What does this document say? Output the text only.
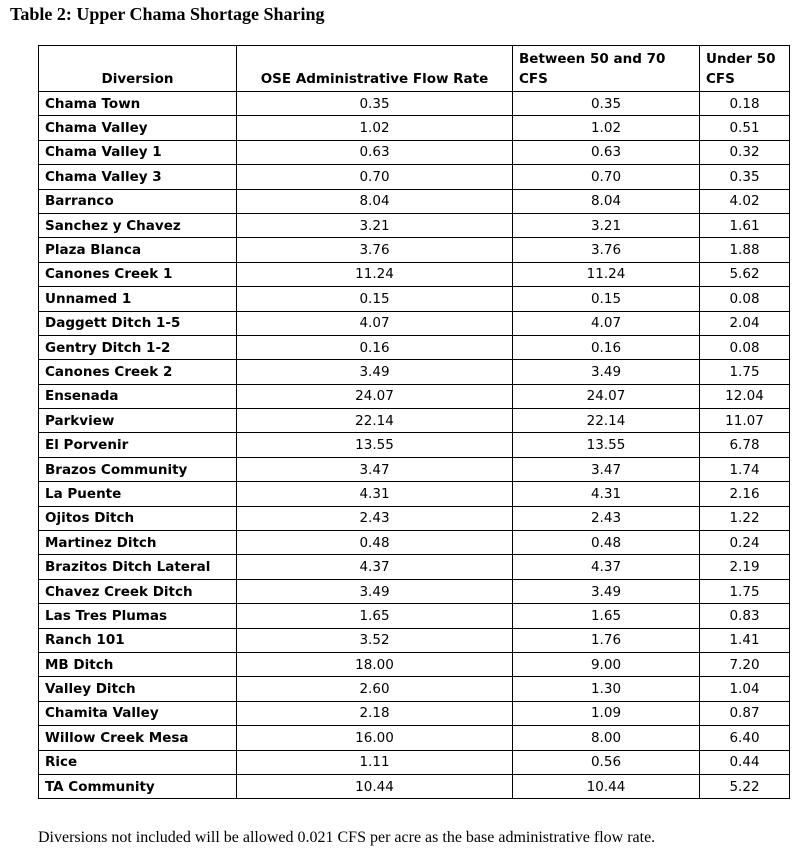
Table 2: Upper Chama Shortage Sharing
Diversion	OSE Administrative Flow Rate	Between 50 and 70 CFS	Under 50 CFS
Chama Town	0.35	0.35	0.18
Chama Valley	1.02	1.02	0.51
Chama Valley 1	0.63	0.63	0.32
Chama Valley 3	0.70	0.70	0.35
Barranco	8.04	8.04	4.02
Sanchez y Chavez	3.21	3.21	1.61
Plaza Blanca	3.76	3.76	1.88
Canones Creek 1	11.24	11.24	5.62
Unnamed 1	0.15	0.15	0.08
Daggett Ditch 1-5	4.07	4.07	2.04
Gentry Ditch 1-2	0.16	0.16	0.08
Canones Creek 2	3.49	3.49	1.75
Ensenada	24.07	24.07	12.04
Parkview	22.14	22.14	11.07
El Porvenir	13.55	13.55	6.78
Brazos Community	3.47	3.47	1.74
La Puente	4.31	4.31	2.16
Ojitos Ditch	2.43	2.43	1.22
Martinez Ditch	0.48	0.48	0.24
Brazitos Ditch Lateral	4.37	4.37	2.19
Chavez Creek Ditch	3.49	3.49	1.75
Las Tres Plumas	1.65	1.65	0.83
Ranch 101	3.52	1.76	1.41
MB Ditch	18.00	9.00	7.20
Valley Ditch	2.60	1.30	1.04
Chamita Valley	2.18	1.09	0.87
Willow Creek Mesa	16.00	8.00	6.40
Rice	1.11	0.56	0.44
TA Community	10.44	10.44	5.22
Diversions not included will be allowed 0.021 CFS per acre as the base administrative flow rate.
